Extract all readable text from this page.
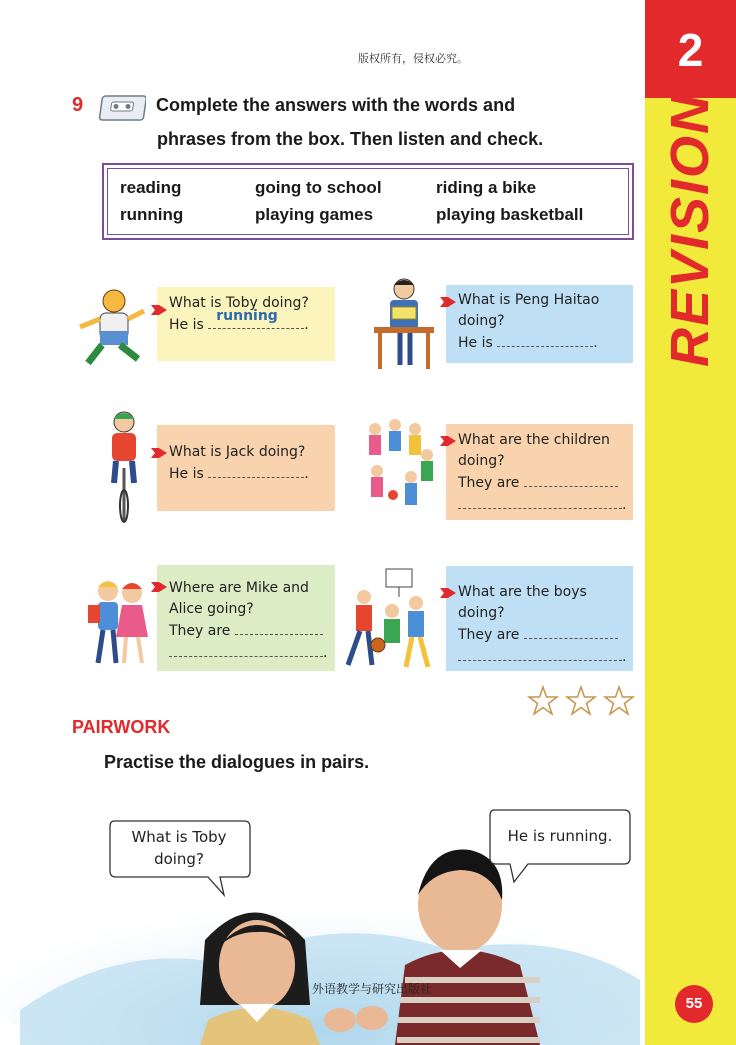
2
REVISION
55
版权所有，侵权必究。
9	Complete the answers with the words and
phrases from the box. Then listen and check.
reading	going to school	riding a bike
running	playing games	playing basketball
What is Toby doing?
He is
running
.
What is Peng Haitao
doing?
He is	.
What is Jack doing?
He is	.
What are the children
doing?
They are
.
Where are Mike and
Alice going?
They are
.
What are the boys
doing?
They are
.
PAIRWORK
Practise the dialogues in pairs.
What is Toby
doing?
He is running.
外语教学与研究出版社
